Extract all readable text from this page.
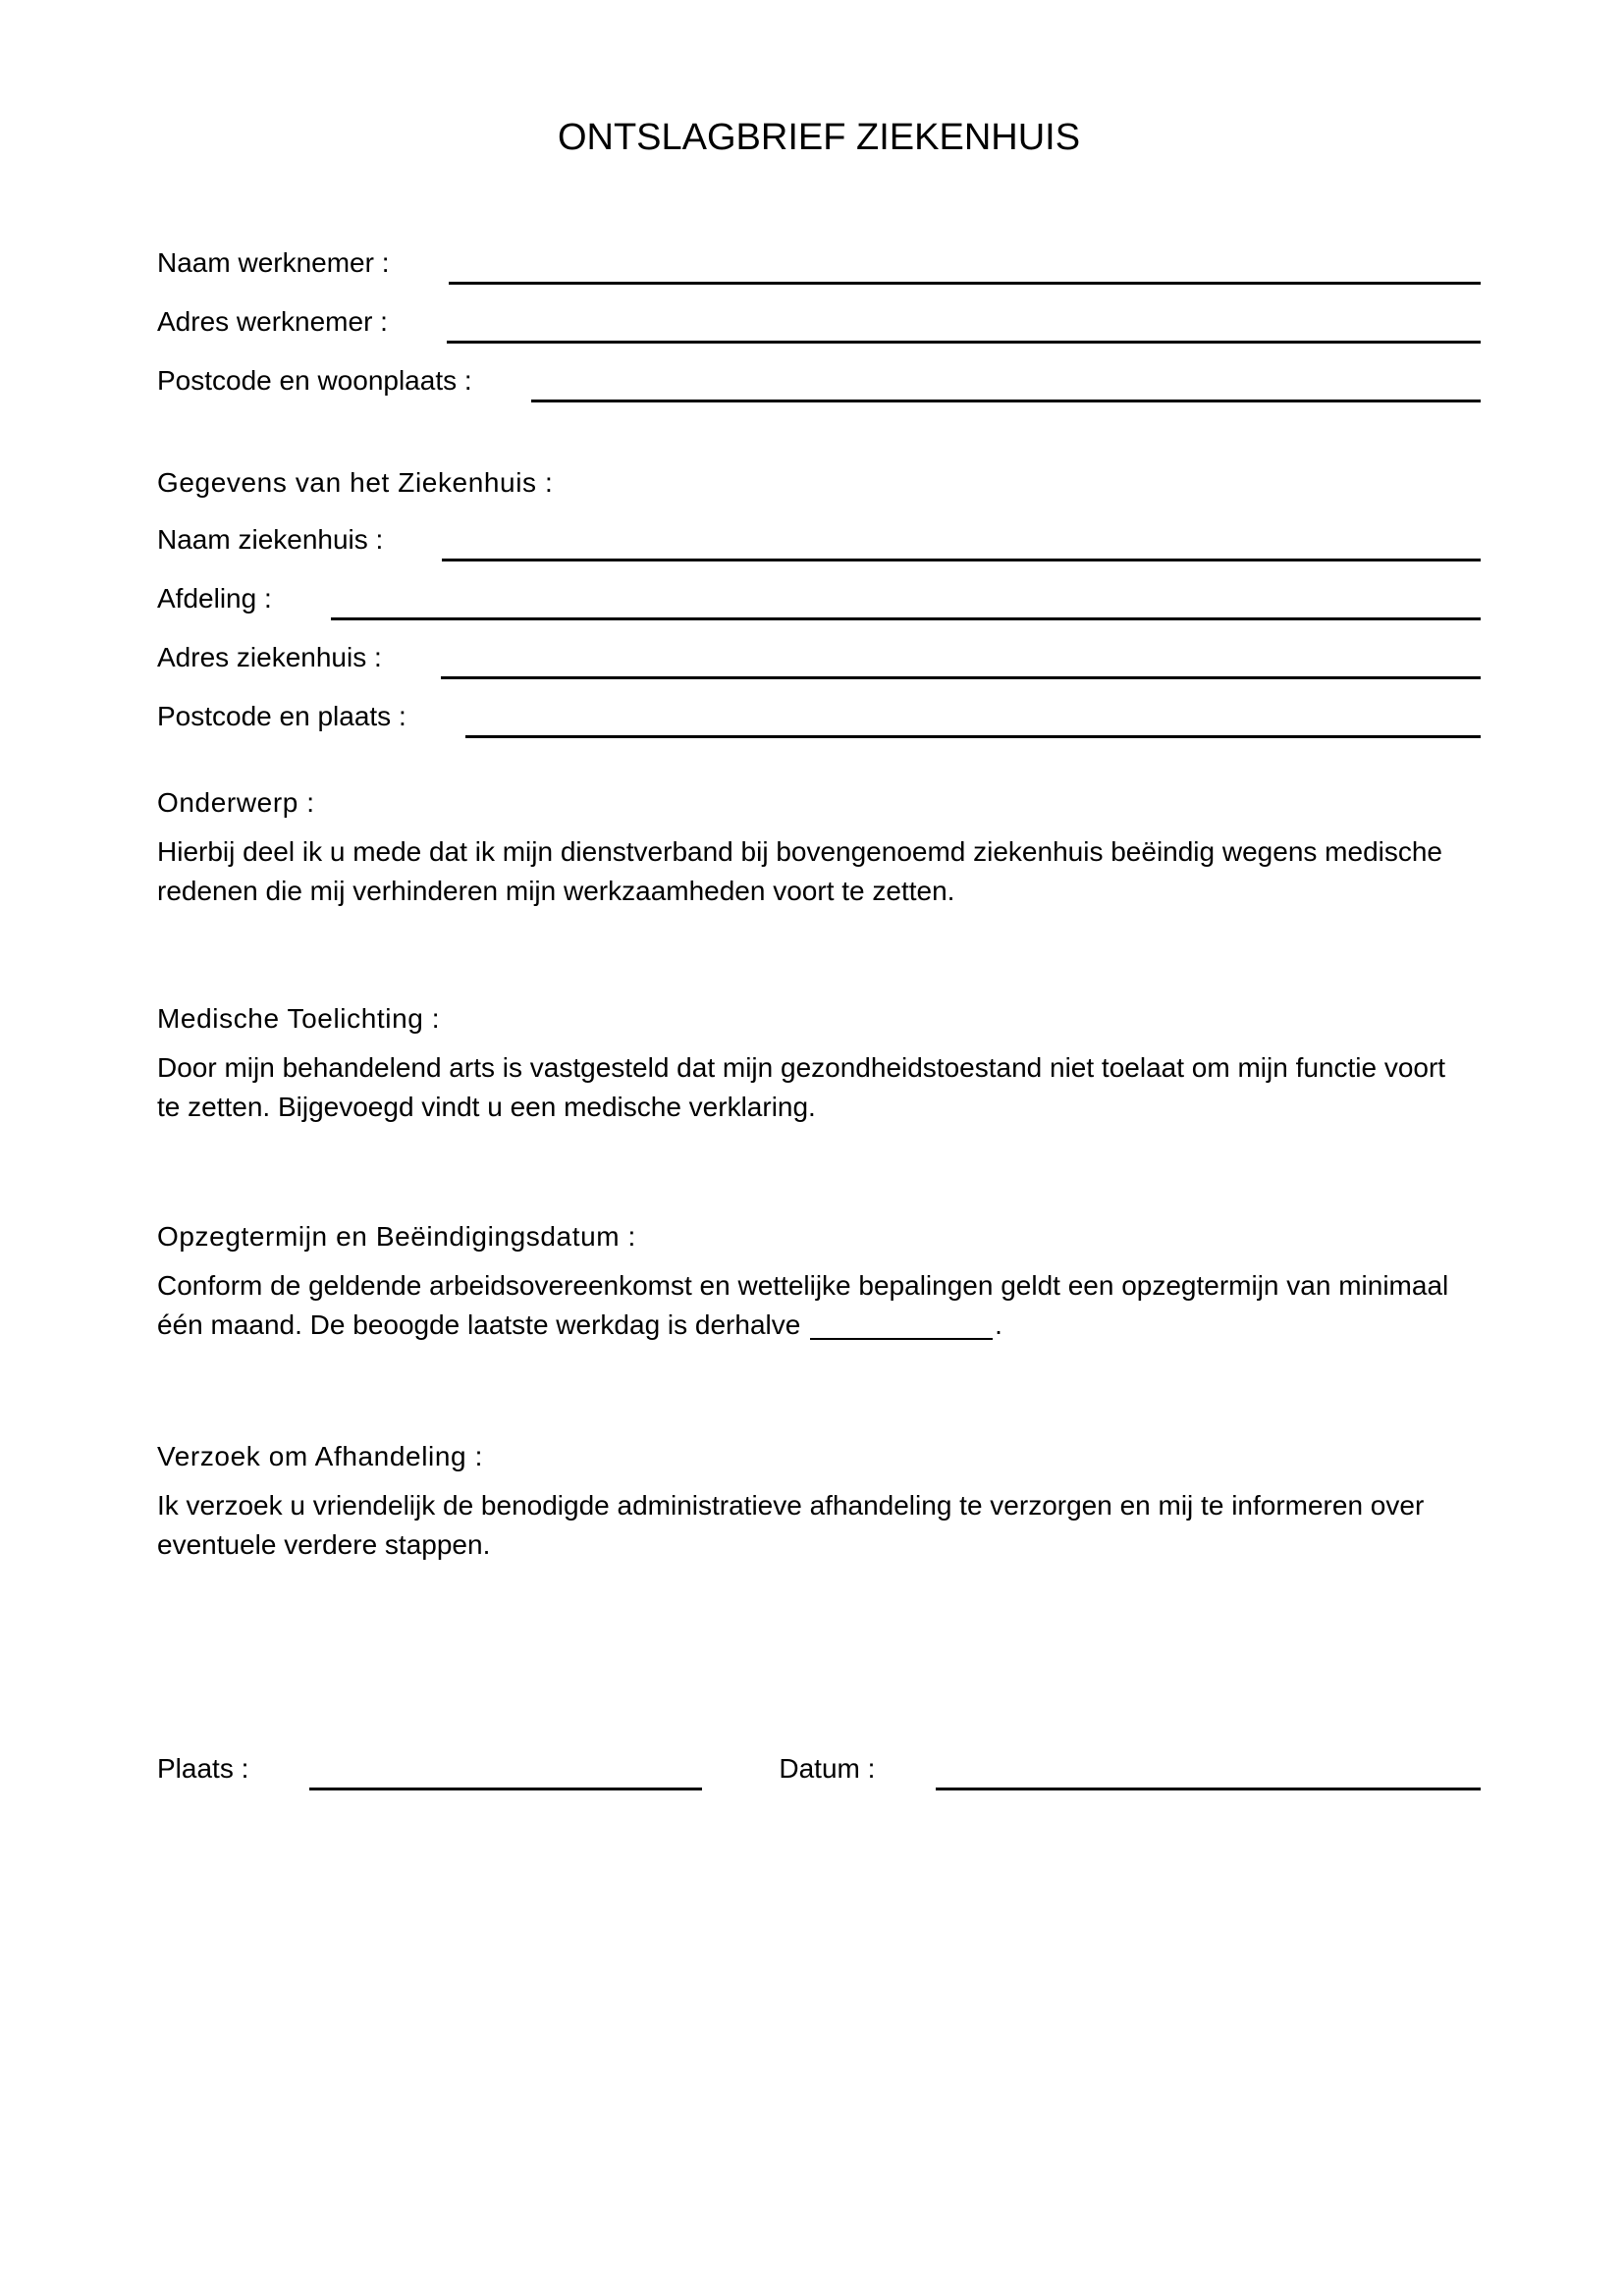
ONTSLAGBRIEF ZIEKENHUIS
Naam werknemer :
Adres werknemer :
Postcode en woonplaats :
Gegevens van het Ziekenhuis :
Naam ziekenhuis :
Afdeling :
Adres ziekenhuis :
Postcode en plaats :
Onderwerp :

Hierbij deel ik u mede dat ik mijn dienstverband bij bovengenoemd ziekenhuis beëindig wegens medische redenen die mij verhinderen mijn werkzaamheden voort te zetten.

Medische Toelichting :

Door mijn behandelend arts is vastgesteld dat mijn gezondheidstoestand niet toelaat om mijn functie voort te zetten. Bijgevoegd vindt u een medische verklaring.

Opzegtermijn en Beëindigingsdatum :

Conform de geldende arbeidsovereenkomst en wettelijke bepalingen geldt een opzegtermijn van minimaal één maand. De beoogde laatste werkdag is derhalve	.

Verzoek om Afhandeling :

Ik verzoek u vriendelijk de benodigde administratieve afhandeling te verzorgen en mij te informeren over eventuele verdere stappen.

Plaats :	Datum :
